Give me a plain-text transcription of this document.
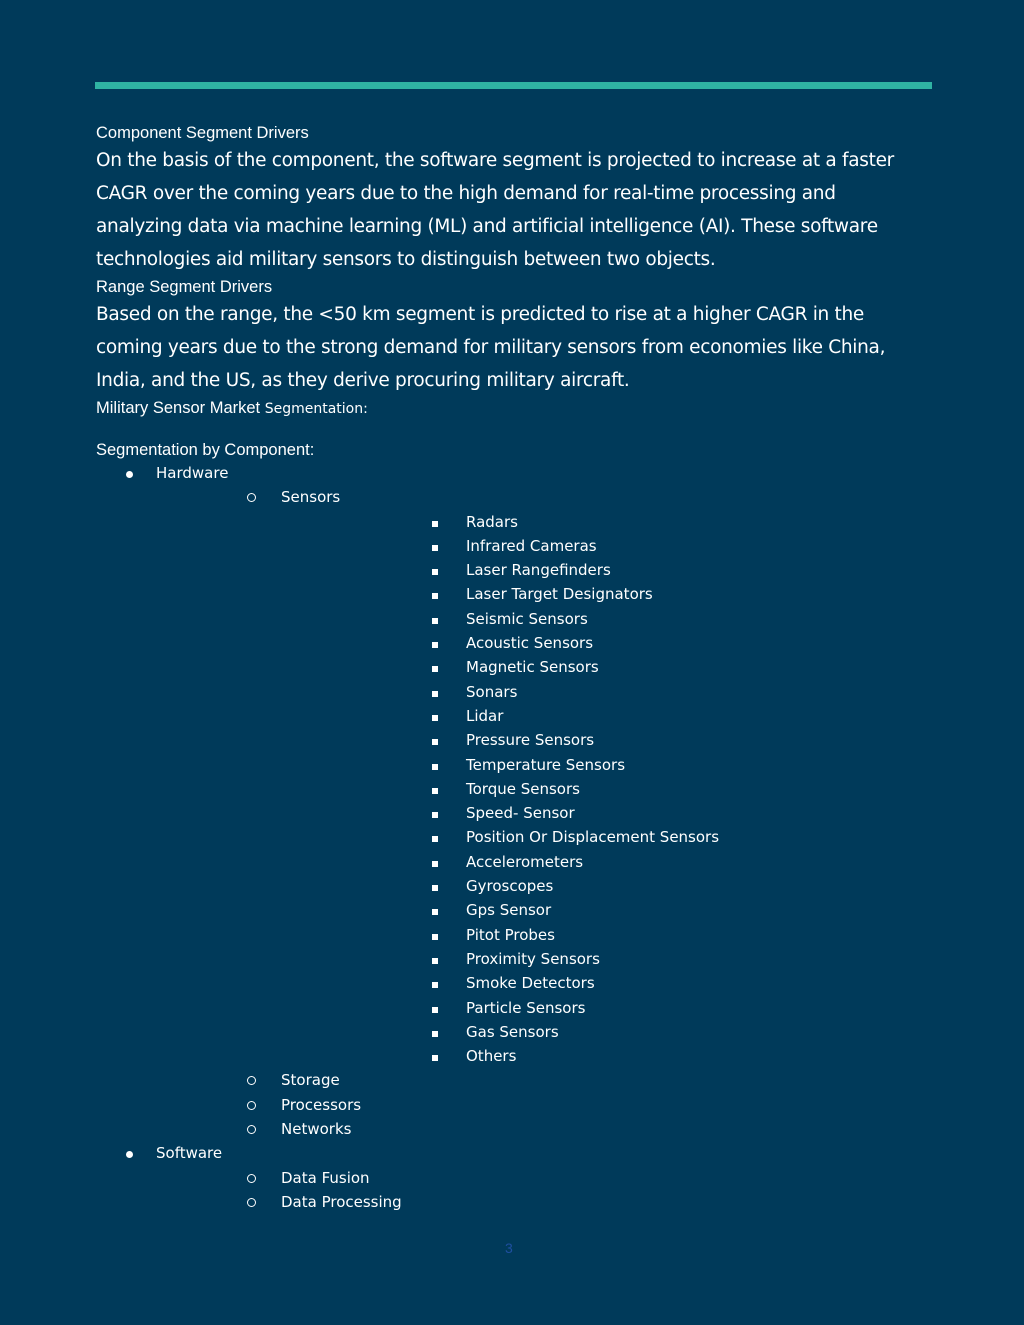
Component Segment Drivers

On the basis of the component, the software segment is projected to increase at a faster CAGR over the coming years due to the high demand for real-time processing and analyzing data via machine learning (ML) and artificial intelligence (AI). These software technologies aid military sensors to distinguish between two objects.

Range Segment Drivers

Based on the range, the <50 km segment is predicted to rise at a higher CAGR in the coming years due to the strong demand for military sensors from economies like China, India, and the US, as they derive procuring military aircraft.

Military Sensor Market Segmentation:

Segmentation by Component:

Hardware
Sensors
Radars
Infrared Cameras
Laser Rangefinders
Laser Target Designators
Seismic Sensors
Acoustic Sensors
Magnetic Sensors
Sonars
Lidar
Pressure Sensors
Temperature Sensors
Torque Sensors
Speed- Sensor
Position Or Displacement Sensors
Accelerometers
Gyroscopes
Gps Sensor
Pitot Probes
Proximity Sensors
Smoke Detectors
Particle Sensors
Gas Sensors
Others
Storage
Processors
Networks
Software
Data Fusion
Data Processing
3
